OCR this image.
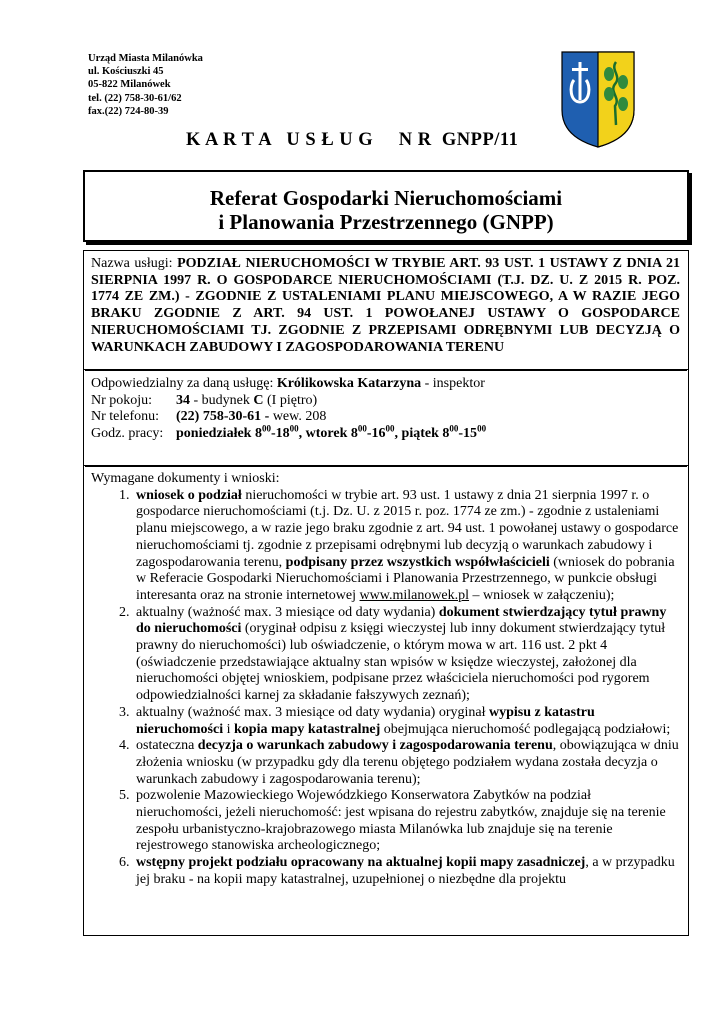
Urząd Miasta Milanówka
ul. Kościuszki 45
05-822 Milanówek
tel. (22) 758-30-61/62
fax.(22) 724-80-39
K A R T A   U S Ł U G     N R  GNPP/11
Referat Gospodarki Nieruchomościami
i Planowania Przestrzennego (GNPP)
Nazwa usługi: PODZIAŁ NIERUCHOMOŚCI W TRYBIE ART. 93 UST. 1 USTAWY Z DNIA 21 SIERPNIA 1997 R. O GOSPODARCE NIERUCHOMOŚCIAMI (T.J. DZ. U. Z 2015 R. POZ. 1774 ZE ZM.) - ZGODNIE Z USTALENIAMI PLANU MIEJSCOWEGO, A W RAZIE JEGO BRAKU ZGODNIE Z ART. 94 UST. 1 POWOŁANEJ USTAWY O GOSPODARCE NIERUCHOMOŚCIAMI TJ. ZGODNIE Z PRZEPISAMI ODRĘBNYMI LUB DECYZJĄ O WARUNKACH ZABUDOWY I ZAGOSPODAROWANIA TERENU
Odpowiedzialny za daną usługę: Królikowska Katarzyna - inspektor
Nr pokoju:	34 - budynek C (I piętro)
Nr telefonu:	(22) 758-30-61 - wew. 208
Godz. pracy: poniedziałek $8^{00}-18^{00}$, wtorek $8^{00}-16^{00}$, piątek $8^{00}-15^{00}$
Wymagane dokumenty i wnioski:
1. wniosek o podział nieruchomości w trybie art. 93 ust. 1 ustawy z dnia 21 sierpnia 1997 r. o gospodarce nieruchomościami (t.j. Dz. U. z 2015 r. poz. 1774 ze zm.) - zgodnie z ustaleniami planu miejscowego, a w razie jego braku zgodnie z art. 94 ust. 1 powołanej ustawy o gospodarce nieruchomościami tj. zgodnie z przepisami odrębnymi lub decyzją o warunkach zabudowy i zagospodarowania terenu, podpisany przez wszystkich współwłaścicieli (wniosek do pobrania w Referacie Gospodarki Nieruchomościami i Planowania Przestrzennego, w punkcie obsługi interesanta oraz na stronie internetowej www.milanowek.pl – wniosek w załączeniu);
2. aktualny (ważność max. 3 miesiące od daty wydania) dokument stwierdzający tytuł prawny do nieruchomości (oryginał odpisu z księgi wieczystej lub inny dokument stwierdzający tytuł prawny do nieruchomości) lub oświadczenie, o którym mowa w art. 116 ust. 2 pkt 4 (oświadczenie przedstawiające aktualny stan wpisów w księdze wieczystej, założonej dla nieruchomości objętej wnioskiem, podpisane przez właściciela nieruchomości pod rygorem odpowiedzialności karnej za składanie fałszywych zeznań);
3. aktualny (ważność max. 3 miesiące od daty wydania) oryginał wypisu z katastru nieruchomości i kopia mapy katastralnej obejmująca nieruchomość podlegającą podziałowi;
4. ostateczna decyzja o warunkach zabudowy i zagospodarowania terenu, obowiązująca w dniu złożenia wniosku (w przypadku gdy dla terenu objętego podziałem wydana została decyzja o warunkach zabudowy i zagospodarowania terenu);
5. pozwolenie Mazowieckiego Wojewódzkiego Konserwatora Zabytków na podział nieruchomości, jeżeli nieruchomość: jest wpisana do rejestru zabytków, znajduje się na terenie zespołu urbanistyczno-krajobrazowego miasta Milanówka lub znajduje się na terenie rejestrowego stanowiska archeologicznego;
6. wstępny projekt podziału opracowany na aktualnej kopii mapy zasadniczej, a w przypadku jej braku - na kopii mapy katastralnej, uzupełnionej o niezbędne dla projektu
